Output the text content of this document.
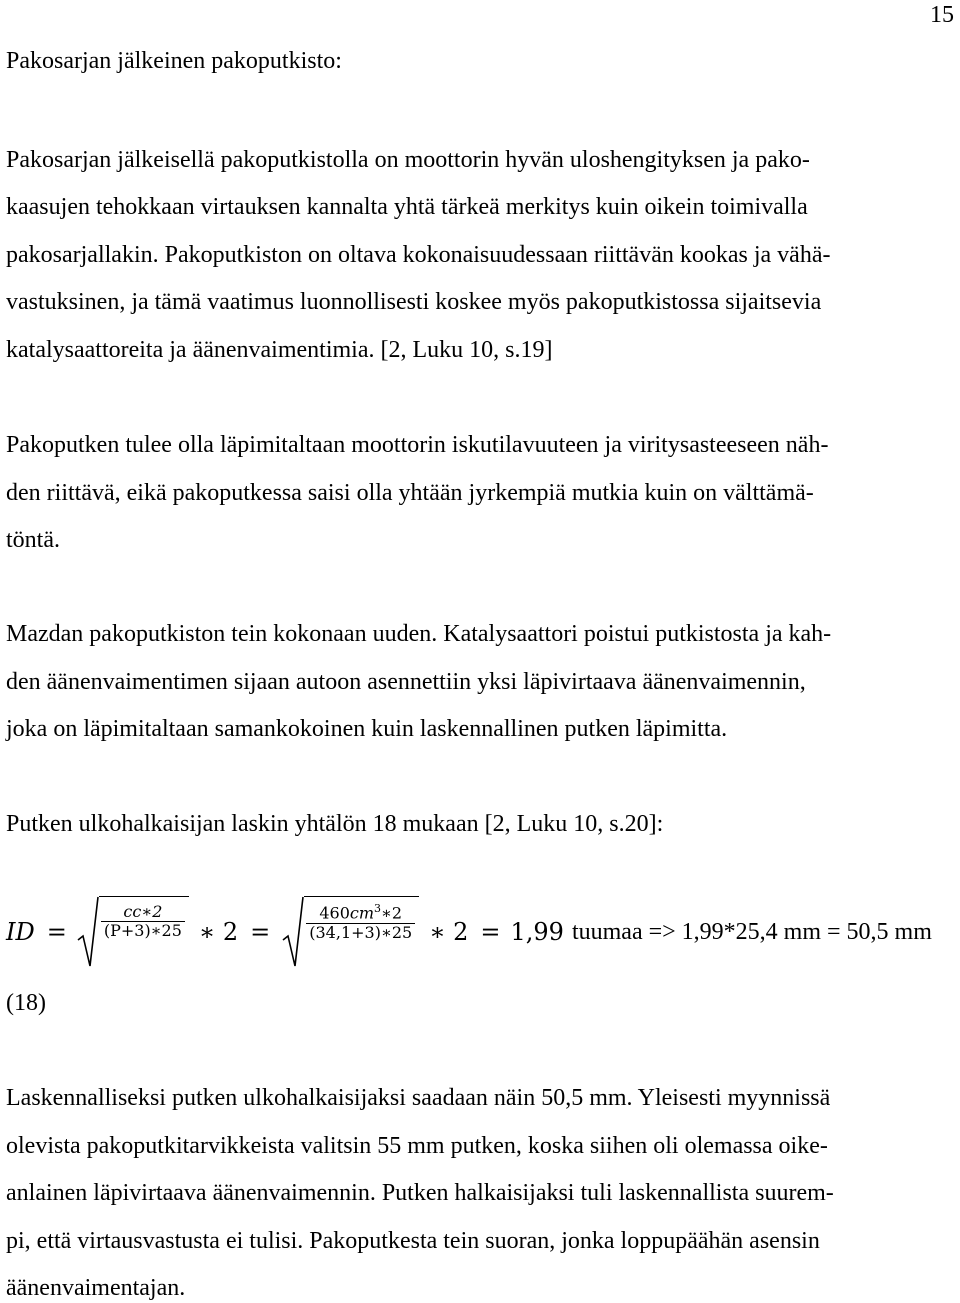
15
Pakosarjan jälkeinen pakoputkisto:
Pakosarjan jälkeisellä pakoputkistolla on moottorin hyvän uloshengityksen ja pako-
kaasujen tehokkaan virtauksen kannalta yhtä tärkeä merkitys kuin oikein toimivalla
pakosarjallakin. Pakoputkiston on oltava kokonaisuudessaan riittävän kookas ja vähä-
vastuksinen, ja tämä vaatimus luonnollisesti koskee myös pakoputkistossa sijaitsevia
katalysaattoreita ja äänenvaimentimia. [2, Luku 10, s.19]
Pakoputken tulee olla läpimitaltaan moottorin iskutilavuuteen ja viritysasteeseen näh-
den riittävä, eikä pakoputkessa saisi olla yhtään jyrkempiä mutkia kuin on välttämä-
töntä.
Mazdan pakoputkiston tein kokonaan uuden. Katalysaattori poistui putkistosta ja kah-
den äänenvaimentimen sijaan autoon asennettiin yksi läpivirtaava äänenvaimennin,
joka on läpimitaltaan samankokoinen kuin laskennallinen putken läpimitta.
Putken ulkohalkaisijan laskin yhtälön 18 mukaan [2, Luku 10, s.20]:
ID = $\frac{cc∗2}{(P+3)∗25}$ ∗ $2 = \frac{460cm^3∗2}{(34,1+3)∗25}$ ∗ 2 = 1,99 tuumaa => 1,99*25,4 mm = 50,5 mm
(18)
Laskennalliseksi putken ulkohalkaisijaksi saadaan näin 50,5 mm. Yleisesti myynnissä
olevista pakoputkitarvikkeista valitsin 55 mm putken, koska siihen oli olemassa oike-
anlainen läpivirtaava äänenvaimennin. Putken halkaisijaksi tuli laskennallista suurem-
pi, että virtausvastusta ei tulisi. Pakoputkesta tein suoran, jonka loppupäähän asensin
äänenvaimentajan.
